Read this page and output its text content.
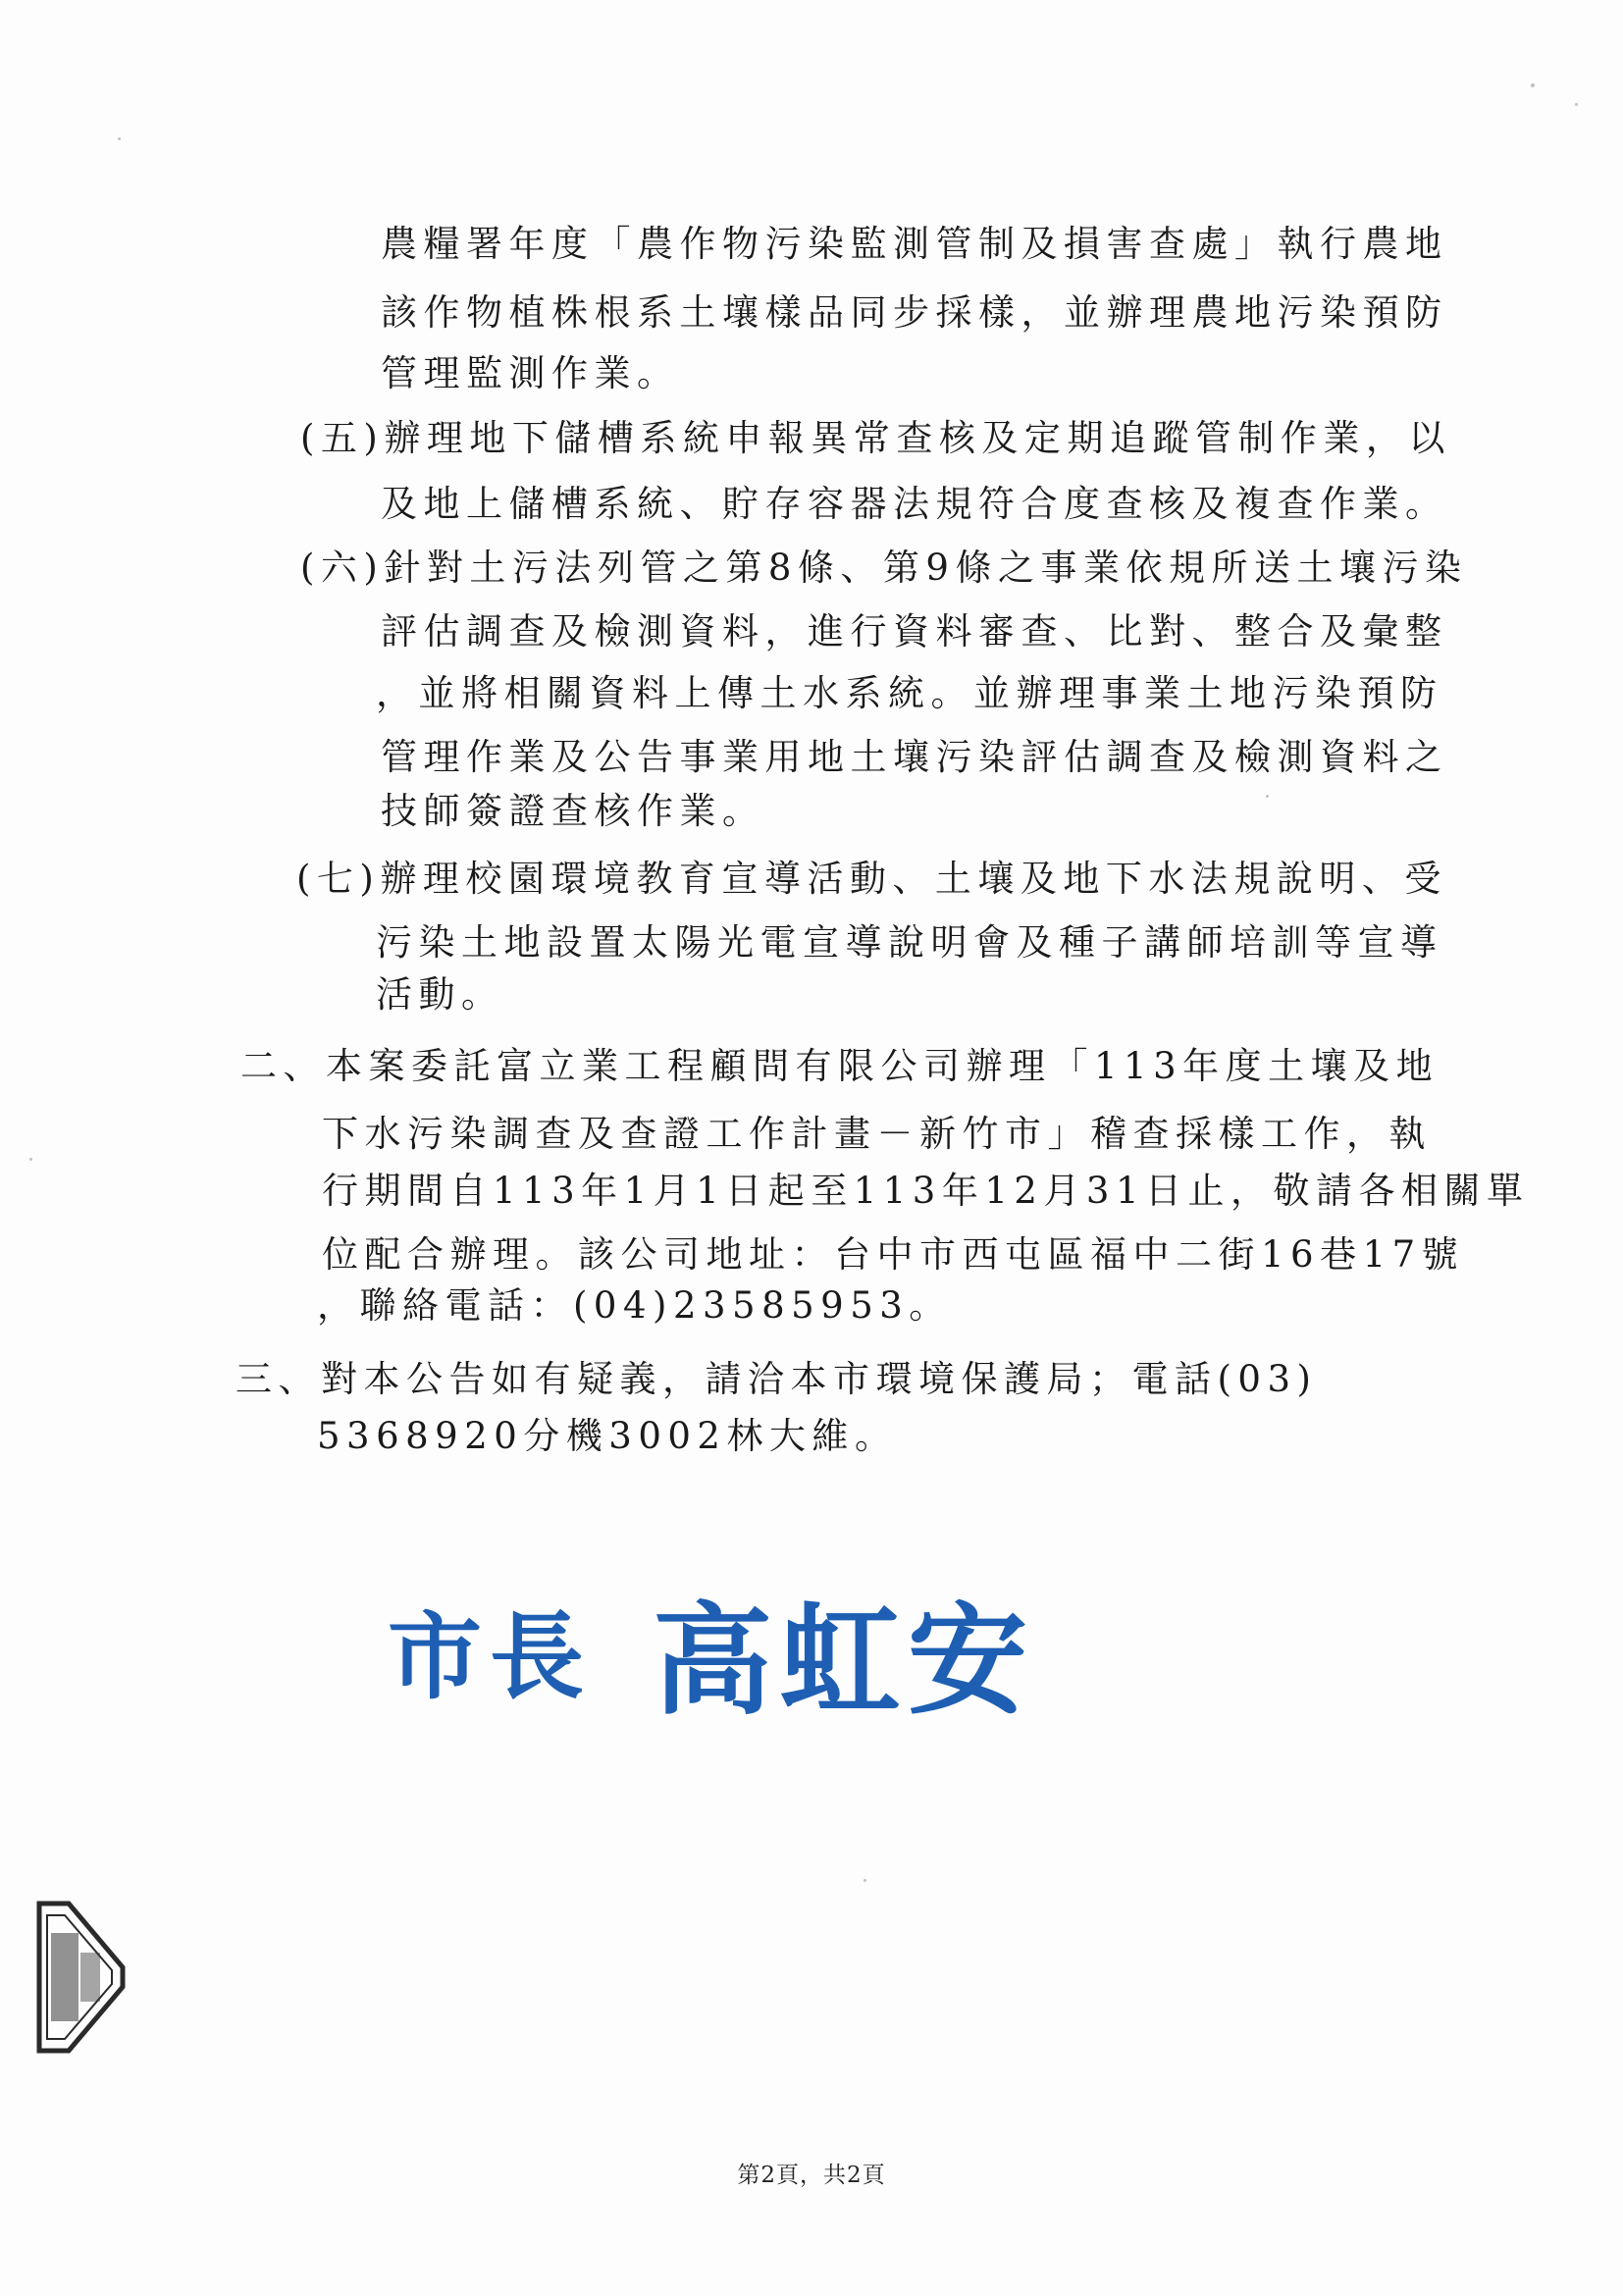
農糧署年度「農作物污染監測管制及損害查處」執行農地
該作物植株根系土壤樣品同步採樣，並辦理農地污染預防
管理監測作業。
(五)辦理地下儲槽系統申報異常查核及定期追蹤管制作業，以
及地上儲槽系統、貯存容器法規符合度查核及複查作業。
(六)針對土污法列管之第8條、第9條之事業依規所送土壤污染
評估調查及檢測資料，進行資料審查、比對、整合及彙整
，並將相關資料上傳土水系統。並辦理事業土地污染預防
管理作業及公告事業用地土壤污染評估調查及檢測資料之
技師簽證查核作業。
(七)辦理校園環境教育宣導活動、土壤及地下水法規說明、受
污染土地設置太陽光電宣導說明會及種子講師培訓等宣導
活動。
二、本案委託富立業工程顧問有限公司辦理「113年度土壤及地
下水污染調查及查證工作計畫－新竹市」稽查採樣工作，執
行期間自113年1月1日起至113年12月31日止，敬請各相關單
位配合辦理。該公司地址：台中市西屯區福中二街16巷17號
，聯絡電話：(04)23585953。
三、對本公告如有疑義，請洽本市環境保護局；電話(03)
5368920分機3002林大維。
市長 高虹安
第2頁，共2頁
